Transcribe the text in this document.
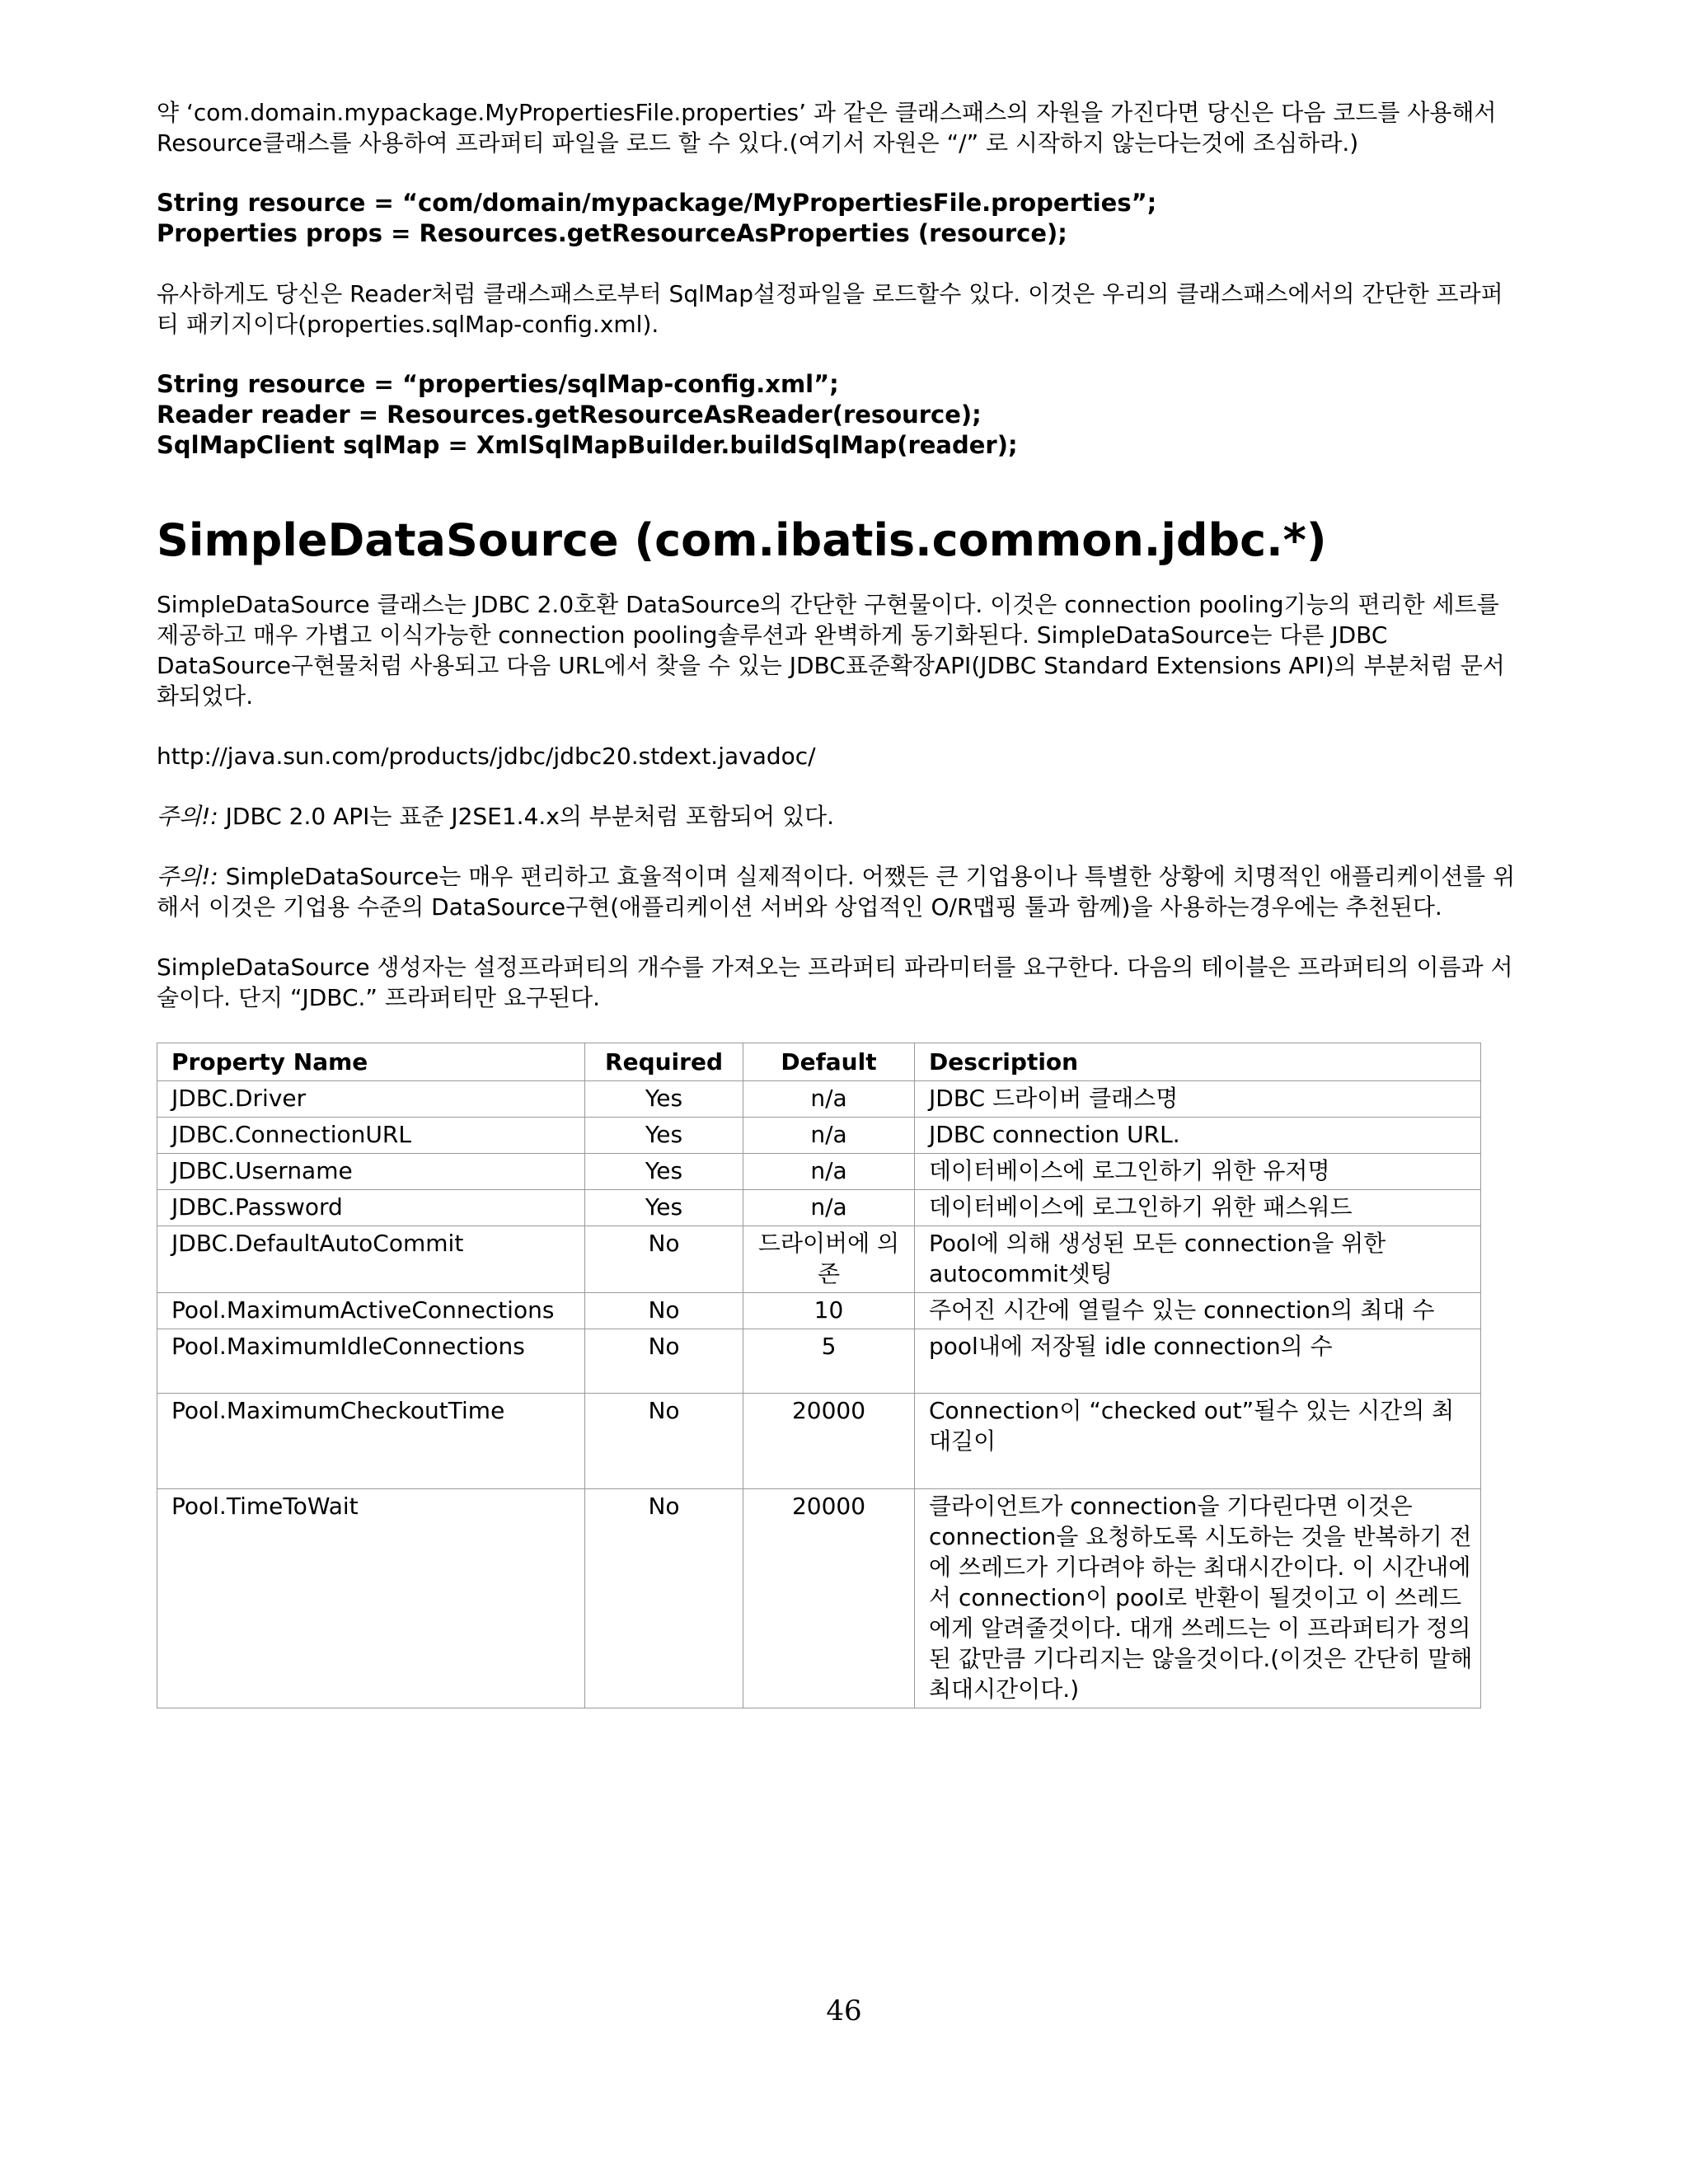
약 ‘com.domain.mypackage.MyPropertiesFile.properties’ 과 같은 클래스패스의 자원을 가진다면 당신은 다음 코드를 사용해서 Resource클래스를 사용하여 프라퍼티 파일을 로드 할 수 있다.(여기서 자원은 “/” 로 시작하지 않는다는것에 조심하라.)

String resource = “com/domain/mypackage/MyPropertiesFile.properties”;

Properties props = Resources.getResourceAsProperties (resource);

유사하게도 당신은 Reader처럼 클래스패스로부터 SqlMap설정파일을 로드할수 있다. 이것은 우리의 클래스패스에서의 간단한 프라퍼티 패키지이다(properties.sqlMap-config.xml).

String resource = “properties/sqlMap-config.xml”;

Reader reader = Resources.getResourceAsReader(resource);

SqlMapClient sqlMap = XmlSqlMapBuilder.buildSqlMap(reader);

SimpleDataSource (com.ibatis.common.jdbc.*)

SimpleDataSource 클래스는 JDBC 2.0호환 DataSource의 간단한 구현물이다. 이것은 connection pooling기능의 편리한 세트를 제공하고 매우 가볍고 이식가능한 connection pooling솔루션과 완벽하게 동기화된다. SimpleDataSource는 다른 JDBC DataSource구현물처럼 사용되고 다음 URL에서 찾을 수 있는 JDBC표준확장API(JDBC Standard Extensions API)의 부분처럼 문서화되었다.

http://java.sun.com/products/jdbc/jdbc20.stdext.javadoc/

주의!: JDBC 2.0 API는 표준 J2SE1.4.x의 부분처럼 포함되어 있다.

주의!: SimpleDataSource는 매우 편리하고 효율적이며 실제적이다. 어쨌든 큰 기업용이나 특별한 상황에 치명적인 애플리케이션를 위해서 이것은 기업용 수준의 DataSource구현(애플리케이션 서버와 상업적인 O/R맵핑 툴과 함께)을 사용하는경우에는 추천된다.

SimpleDataSource 생성자는 설정프라퍼티의 개수를 가져오는 프라퍼티 파라미터를 요구한다. 다음의 테이블은 프라퍼티의 이름과 서술이다. 단지 “JDBC.” 프라퍼티만 요구된다.

Property Name	Required	Default	Description
JDBC.Driver	Yes	n/a	JDBC 드라이버 클래스명
JDBC.ConnectionURL	Yes	n/a	JDBC connection URL.
JDBC.Username	Yes	n/a	데이터베이스에 로그인하기 위한 유저명
JDBC.Password	Yes	n/a	데이터베이스에 로그인하기 위한 패스워드
JDBC.DefaultAutoCommit	No	드라이버에 의존	Pool에 의해 생성된 모든 connection을 위한 autocommit셋팅
Pool.MaximumActiveConnections	No	10	주어진 시간에 열릴수 있는 connection의 최대 수
Pool.MaximumIdleConnections	No	5	pool내에 저장될 idle connection의 수
Pool.MaximumCheckoutTime	No	20000	Connection이 “checked out”될수 있는 시간의 최대길이
Pool.TimeToWait	No	20000	클라이언트가 connection을 기다린다면 이것은 connection을 요청하도록 시도하는 것을 반복하기 전에 쓰레드가 기다려야 하는 최대시간이다. 이 시간내에서 connection이 pool로 반환이 될것이고 이 쓰레드에게 알려줄것이다. 대개 쓰레드는 이 프라퍼티가 정의된 값만큼 기다리지는 않을것이다.(이것은 간단히 말해 최대시간이다.)
46
